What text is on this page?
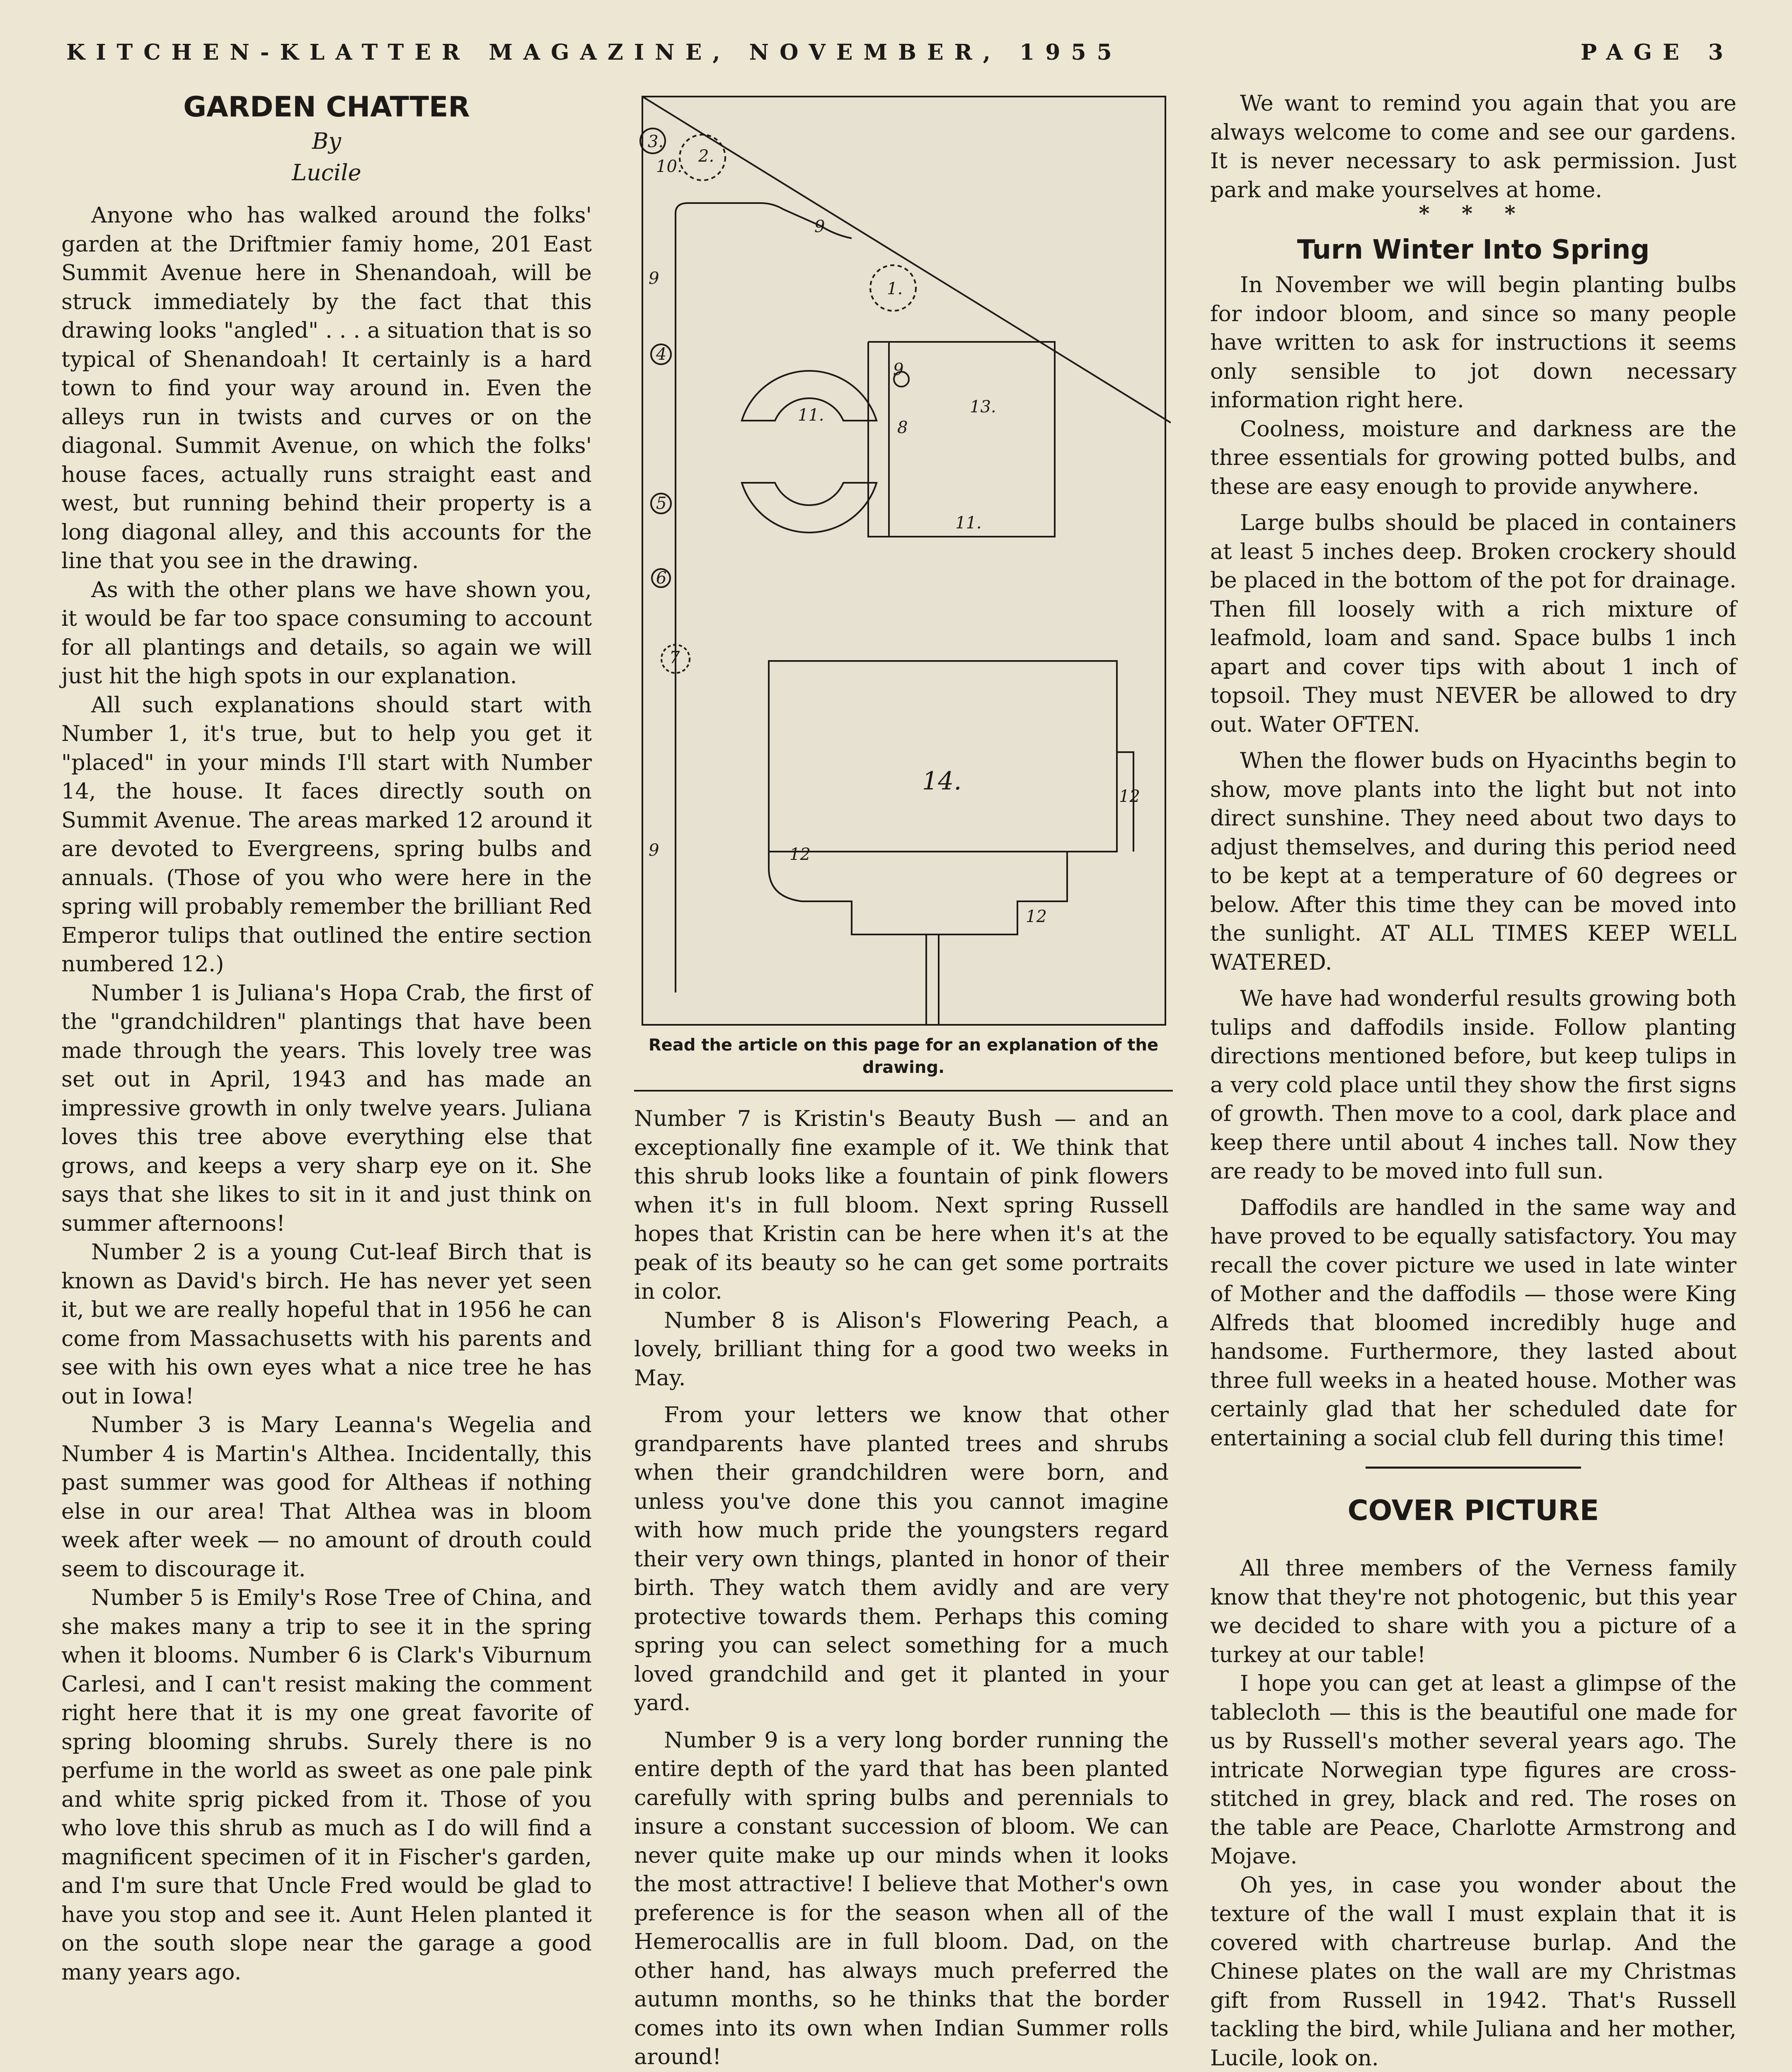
KITCHEN-KLATTER MAGAZINE, NOVEMBER, 1955	PAGE 3
GARDEN CHATTER
By
Lucile

Anyone who has walked around the folks' garden at the Driftmier famiy home, 201 East Summit Avenue here in Shenandoah, will be struck immediately by the fact that this drawing looks "angled" . . . a situation that is so typical of Shenandoah! It certainly is a hard town to find your way around in. Even the alleys run in twists and curves or on the diagonal. Summit Avenue, on which the folks' house faces, actually runs straight east and west, but running behind their property is a long diagonal alley, and this accounts for the line that you see in the drawing.

As with the other plans we have shown you, it would be far too space consuming to account for all plantings and details, so again we will just hit the high spots in our explanation.

All such explanations should start with Number 1, it's true, but to help you get it "placed" in your minds I'll start with Number 14, the house. It faces directly south on Summit Avenue. The areas marked 12 around it are devoted to Evergreens, spring bulbs and annuals. (Those of you who were here in the spring will probably remember the brilliant Red Emperor tulips that outlined the entire section numbered 12.)

Number 1 is Juliana's Hopa Crab, the first of the "grandchildren" plantings that have been made through the years. This lovely tree was set out in April, 1943 and has made an impressive growth in only twelve years. Juliana loves this tree above everything else that grows, and keeps a very sharp eye on it. She says that she likes to sit in it and just think on summer afternoons!

Number 2 is a young Cut-leaf Birch that is known as David's birch. He has never yet seen it, but we are really hopeful that in 1956 he can come from Massachusetts with his parents and see with his own eyes what a nice tree he has out in Iowa!

Number 3 is Mary Leanna's Wegelia and Number 4 is Martin's Althea. Incidentally, this past summer was good for Altheas if nothing else in our area! That Althea was in bloom week after week — no amount of drouth could seem to discourage it.

Number 5 is Emily's Rose Tree of China, and she makes many a trip to see it in the spring when it blooms. Number 6 is Clark's Viburnum Carlesi, and I can't resist making the comment right here that it is my one great favorite of spring blooming shrubs. Surely there is no perfume in the world as sweet as one pale pink and white sprig picked from it. Those of you who love this shrub as much as I do will find a magnificent specimen of it in Fischer's garden, and I'm sure that Uncle Fred would be glad to have you stop and see it. Aunt Helen planted it on the south slope near the garage a good many years ago.

3.
10.
2.
9
1.
9
8
13.
11.
11.
9
4
5
6
7
9
14.
12
12
12
Read the article on this page for an explanation of the drawing.

Number 7 is Kristin's Beauty Bush — and an exceptionally fine example of it. We think that this shrub looks like a fountain of pink flowers when it's in full bloom. Next spring Russell hopes that Kristin can be here when it's at the peak of its beauty so he can get some portraits in color.

Number 8 is Alison's Flowering Peach, a lovely, brilliant thing for a good two weeks in May.

From your letters we know that other grandparents have planted trees and shrubs when their grandchildren were born, and unless you've done this you cannot imagine with how much pride the youngsters regard their very own things, planted in honor of their birth. They watch them avidly and are very protective towards them. Perhaps this coming spring you can select something for a much loved grandchild and get it planted in your yard.

Number 9 is a very long border running the entire depth of the yard that has been planted carefully with spring bulbs and perennials to insure a constant succession of bloom. We can never quite make up our minds when it looks the most attractive! I believe that Mother's own preference is for the season when all of the Hemerocallis are in full bloom. Dad, on the other hand, has always much preferred the autumn months, so he thinks that the border comes into its own when Indian Summer rolls around!

We want to remind you again that you are always welcome to come and see our gardens. It is never necessary to ask permission. Just park and make yourselves at home.

* * *
Turn Winter Into Spring

In November we will begin planting bulbs for indoor bloom, and since so many people have written to ask for instructions it seems only sensible to jot down necessary information right here.

Coolness, moisture and darkness are the three essentials for growing potted bulbs, and these are easy enough to provide anywhere.

Large bulbs should be placed in containers at least 5 inches deep. Broken crockery should be placed in the bottom of the pot for drainage. Then fill loosely with a rich mixture of leafmold, loam and sand. Space bulbs 1 inch apart and cover tips with about 1 inch of topsoil. They must NEVER be allowed to dry out. Water OFTEN.

When the flower buds on Hyacinths begin to show, move plants into the light but not into direct sunshine. They need about two days to adjust themselves, and during this period need to be kept at a temperature of 60 degrees or below. After this time they can be moved into the sunlight. AT ALL TIMES KEEP WELL WATERED.

We have had wonderful results growing both tulips and daffodils inside. Follow planting directions mentioned before, but keep tulips in a very cold place until they show the first signs of growth. Then move to a cool, dark place and keep there until about 4 inches tall. Now they are ready to be moved into full sun.

Daffodils are handled in the same way and have proved to be equally satisfactory. You may recall the cover picture we used in late winter of Mother and the daffodils — those were King Alfreds that bloomed incredibly huge and handsome. Furthermore, they lasted about three full weeks in a heated house. Mother was certainly glad that her scheduled date for entertaining a social club fell during this time!

COVER PICTURE

All three members of the Verness family know that they're not photogenic, but this year we decided to share with you a picture of a turkey at our table!

I hope you can get at least a glimpse of the tablecloth — this is the beautiful one made for us by Russell's mother several years ago. The intricate Norwegian type figures are cross-stitched in grey, black and red. The roses on the table are Peace, Charlotte Armstrong and Mojave.

Oh yes, in case you wonder about the texture of the wall I must explain that it is covered with chartreuse burlap. And the Chinese plates on the wall are my Christmas gift from Russell in 1942. That's Russell tackling the bird, while Juliana and her mother, Lucile, look on.
